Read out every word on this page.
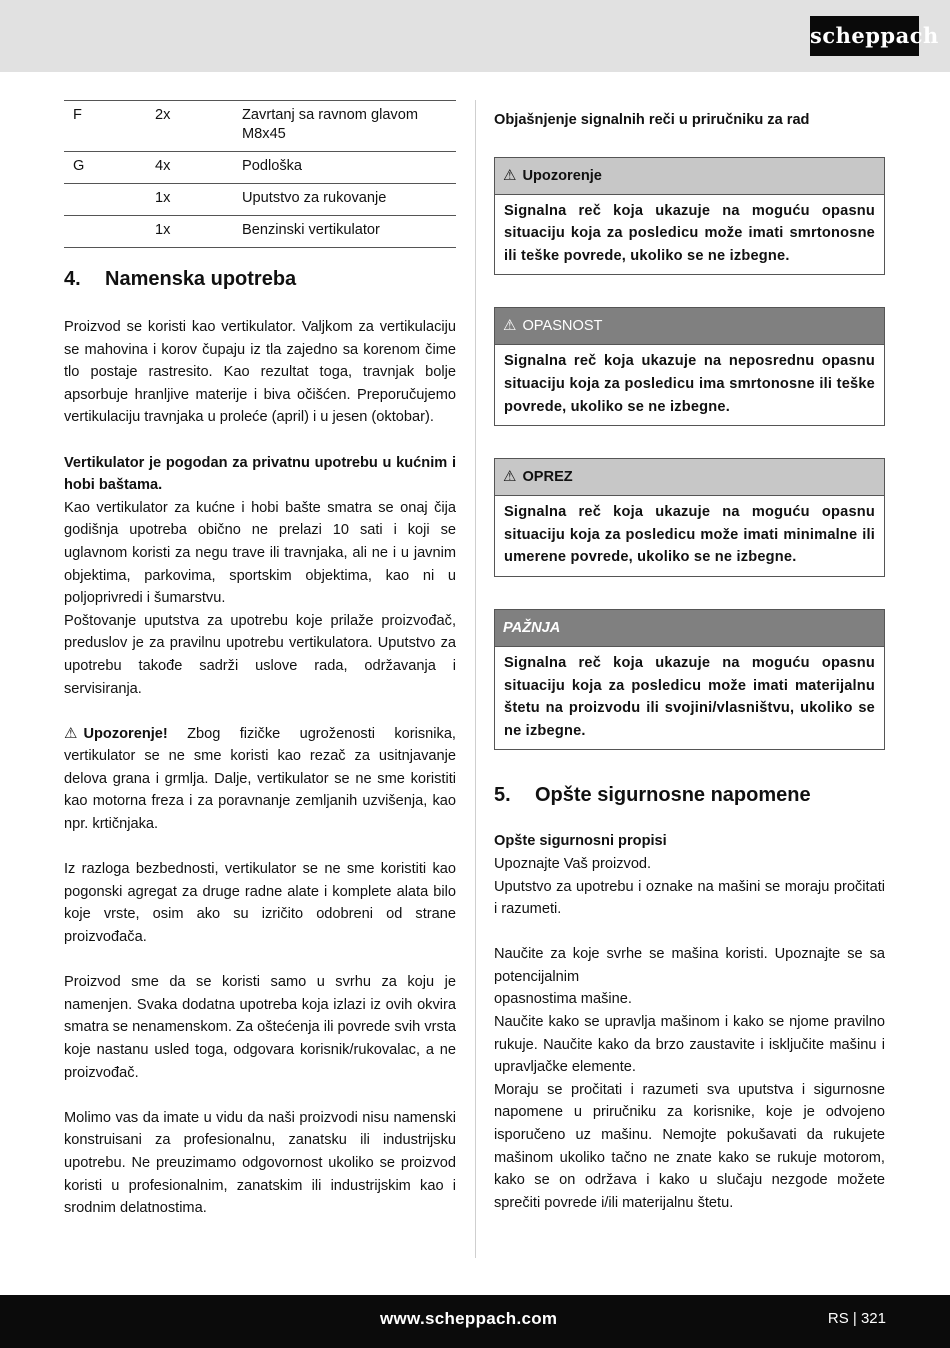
scheppach
F	2x	Zavrtanj sa ravnom glavom M8x45
G	4x	Podloška
	1x	Uputstvo za rukovanje
	1x	Benzinski vertikulator
4.	Namenska upotreba

Proizvod se koristi kao vertikulator. Valjkom za vertikulaciju se mahovina i korov čupaju iz tla zajedno sa korenom čime tlo postaje rastresito. Kao rezultat toga, travnjak bolje apsorbuje hranljive materije i biva očišćen. Preporučujemo vertikulaciju travnjaka u proleće (april) i u jesen (oktobar).

Vertikulator je pogodan za privatnu upotrebu u kućnim i hobi baštama.

Kao vertikulator za kućne i hobi bašte smatra se onaj čija godišnja upotreba obično ne prelazi 10 sati i koji se uglavnom koristi za negu trave ili travnjaka, ali ne i u javnim objektima, parkovima, sportskim objektima, kao ni u poljoprivredi i šumarstvu.

Poštovanje uputstva za upotrebu koje prilaže proizvođač, preduslov je za pravilnu upotrebu vertikulatora. Uputstvo za upotrebu takođe sadrži uslove rada, održavanja i servisiranja.

⚠ Upozorenje! Zbog fizičke ugroženosti korisnika, vertikulator se ne sme koristi kao rezač za usitnjavanje delova grana i grmlja. Dalje, vertikulator se ne sme koristiti kao motorna freza i za poravnanje zemljanih uzvišenja, kao npr. krtičnjaka.

Iz razloga bezbednosti, vertikulator se ne sme koristiti kao pogonski agregat za druge radne alate i komplete alata bilo koje vrste, osim ako su izričito odobreni od strane proizvođača.

Proizvod sme da se koristi samo u svrhu za koju je namenjen. Svaka dodatna upotreba koja izlazi iz ovih okvira smatra se nenamenskom. Za oštećenja ili povrede svih vrsta koje nastanu usled toga, odgovara korisnik/rukovalac, a ne proizvođač.

Molimo vas da imate u vidu da naši proizvodi nisu namenski konstruisani za profesionalnu, zanatsku ili industrijsku upotrebu. Ne preuzimamo odgovornost ukoliko se proizvod koristi u profesionalnim, zanatskim ili industrijskim kao i srodnim delatnostima.

Objašnjenje signalnih reči u priručniku za rad

⚠ Upozorenje
Signalna reč koja ukazuje na moguću opasnu situaciju koja za posledicu može imati smrtonosne ili teške povrede, ukoliko se ne izbegne.
⚠ OPASNOST
Signalna reč koja ukazuje na neposrednu opasnu situaciju koja za posledicu ima smrtonosne ili teške povrede, ukoliko se ne izbegne.
⚠ OPREZ
Signalna reč koja ukazuje na moguću opasnu situaciju koja za posledicu može imati minimalne ili umerene povrede, ukoliko se ne izbegne.
PAŽNJA
Signalna reč koja ukazuje na moguću opasnu situaciju koja za posledicu može imati materijalnu štetu na proizvodu ili svojini/vlasništvu, ukoliko se ne izbegne.
5.	Opšte sigurnosne napomene

Opšte sigurnosni propisi

Upoznajte Vaš proizvod.

Uputstvo za upotrebu i oznake na mašini se moraju pročitati i razumeti.

Naučite za koje svrhe se mašina koristi. Upoznajte se sa potencijalnim

opasnostima mašine.

Naučite kako se upravlja mašinom i kako se njome pravilno rukuje. Naučite kako da brzo zaustavite i isključite mašinu i upravljačke elemente.

Moraju se pročitati i razumeti sva uputstva i sigurnosne napomene u priručniku za korisnike, koje je odvojeno isporučeno uz mašinu. Nemojte pokušavati da rukujete mašinom ukoliko tačno ne znate kako se rukuje motorom, kako se on održava i kako u slučaju nezgode možete sprečiti povrede i/ili materijalnu štetu.

www.scheppach.com	RS | 321
